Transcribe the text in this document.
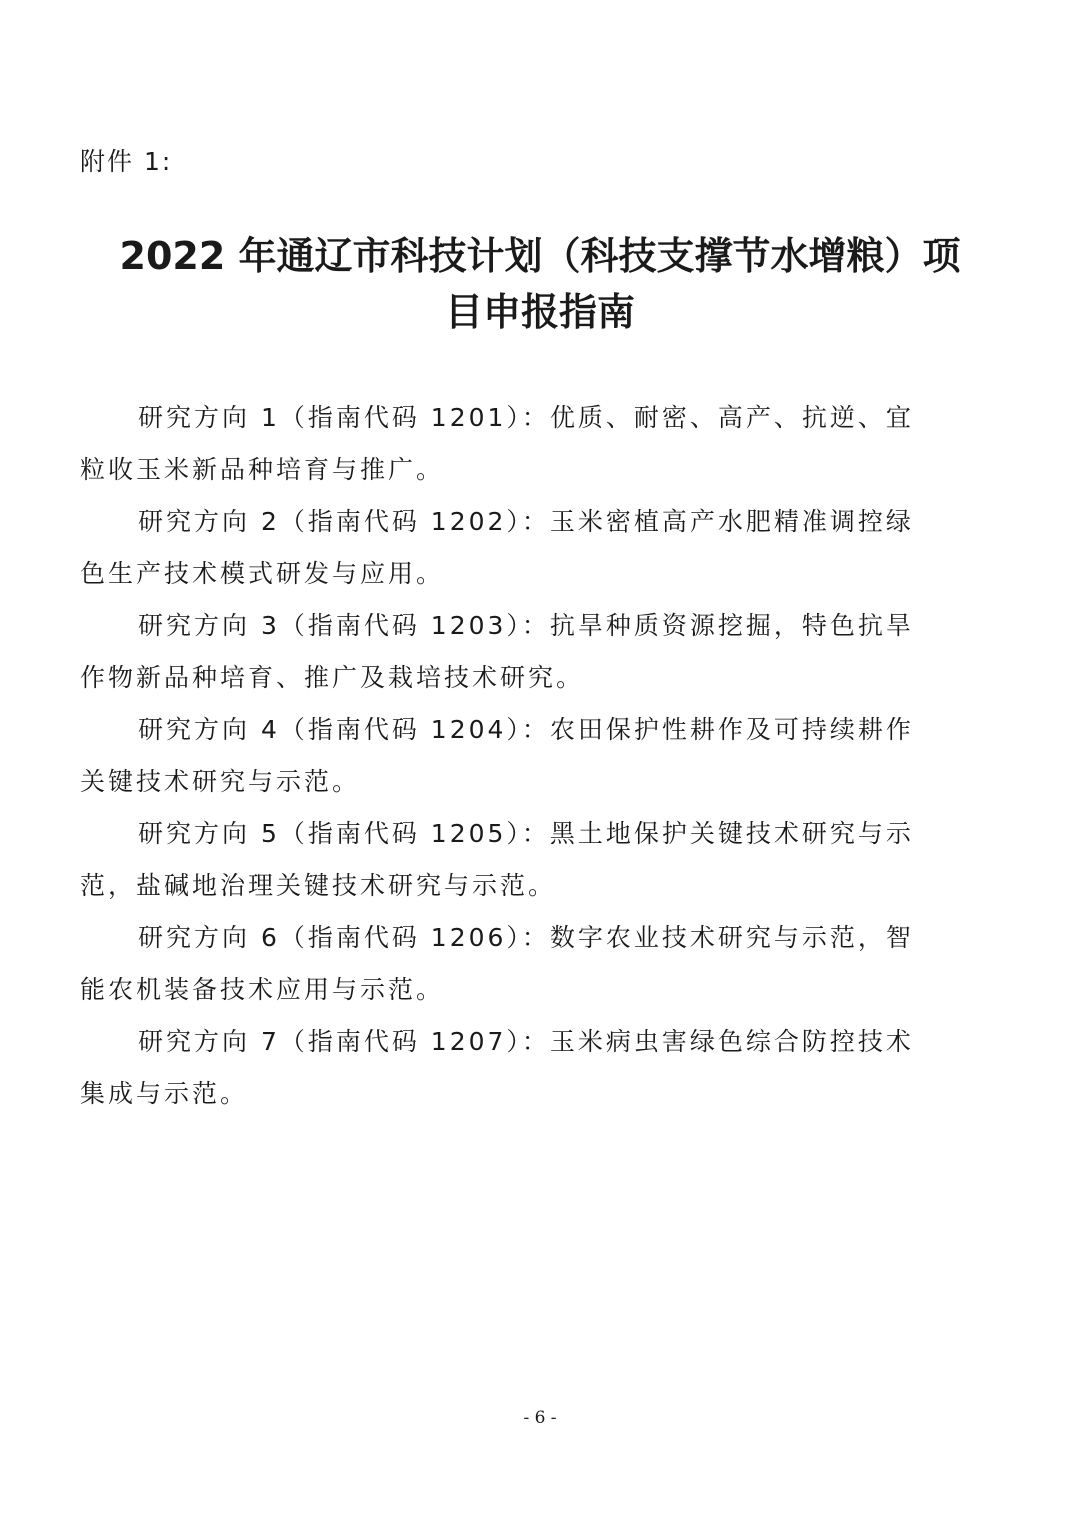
附件 1:
2022 年通辽市科技计划（科技支撑节水增粮）项
目申报指南
研究方向 1（指南代码 1201）：优质、耐密、高产、抗逆、宜
粒收玉米新品种培育与推广。
研究方向 2（指南代码 1202）：玉米密植高产水肥精准调控绿
色生产技术模式研发与应用。
研究方向 3（指南代码 1203）：抗旱种质资源挖掘，特色抗旱
作物新品种培育、推广及栽培技术研究。
研究方向 4（指南代码 1204）：农田保护性耕作及可持续耕作
关键技术研究与示范。
研究方向 5（指南代码 1205）：黑土地保护关键技术研究与示
范，盐碱地治理关键技术研究与示范。
研究方向 6（指南代码 1206）：数字农业技术研究与示范，智
能农机装备技术应用与示范。
研究方向 7（指南代码 1207）：玉米病虫害绿色综合防控技术
集成与示范。
- 6 -
